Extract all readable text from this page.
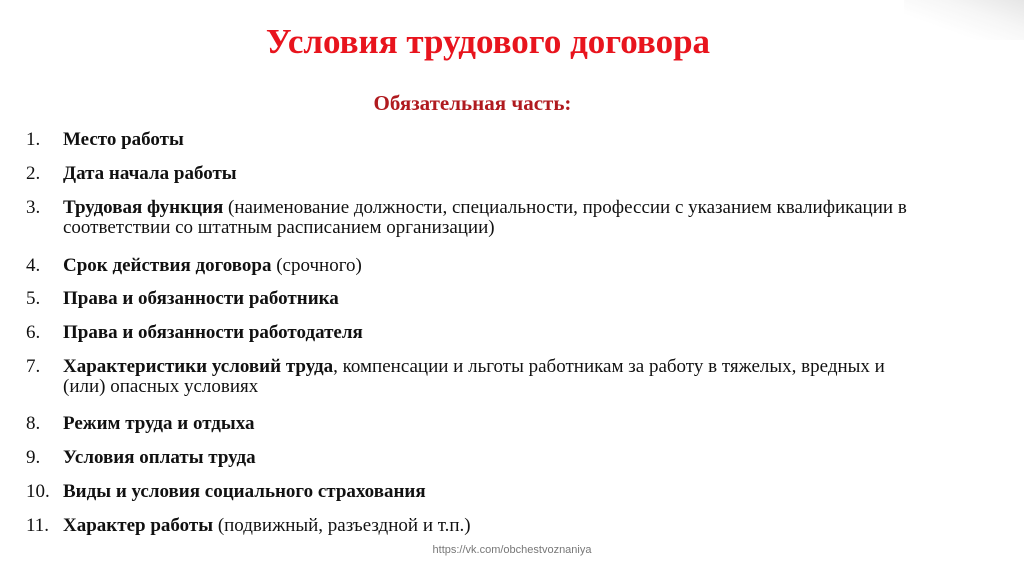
Условия трудового договора
Обязательная часть:
1.	Место работы
2.	Дата начала работы
3.	Трудовая функция (наименование должности, специальности, профессии с указанием квалификации в соответствии со штатным расписанием организации)
4.	Срок действия договора (срочного)
5.	Права и обязанности работника
6.	Права и обязанности работодателя
7.	Характеристики условий труда, компенсации и льготы работникам за работу в тяжелых, вредных и (или) опасных условиях
8.	Режим труда и отдыха
9.	Условия оплаты труда
10. Виды и условия социального страхования
11. Характер работы (подвижный, разъездной и т.п.)
https://vk.com/obchestvoznaniya
